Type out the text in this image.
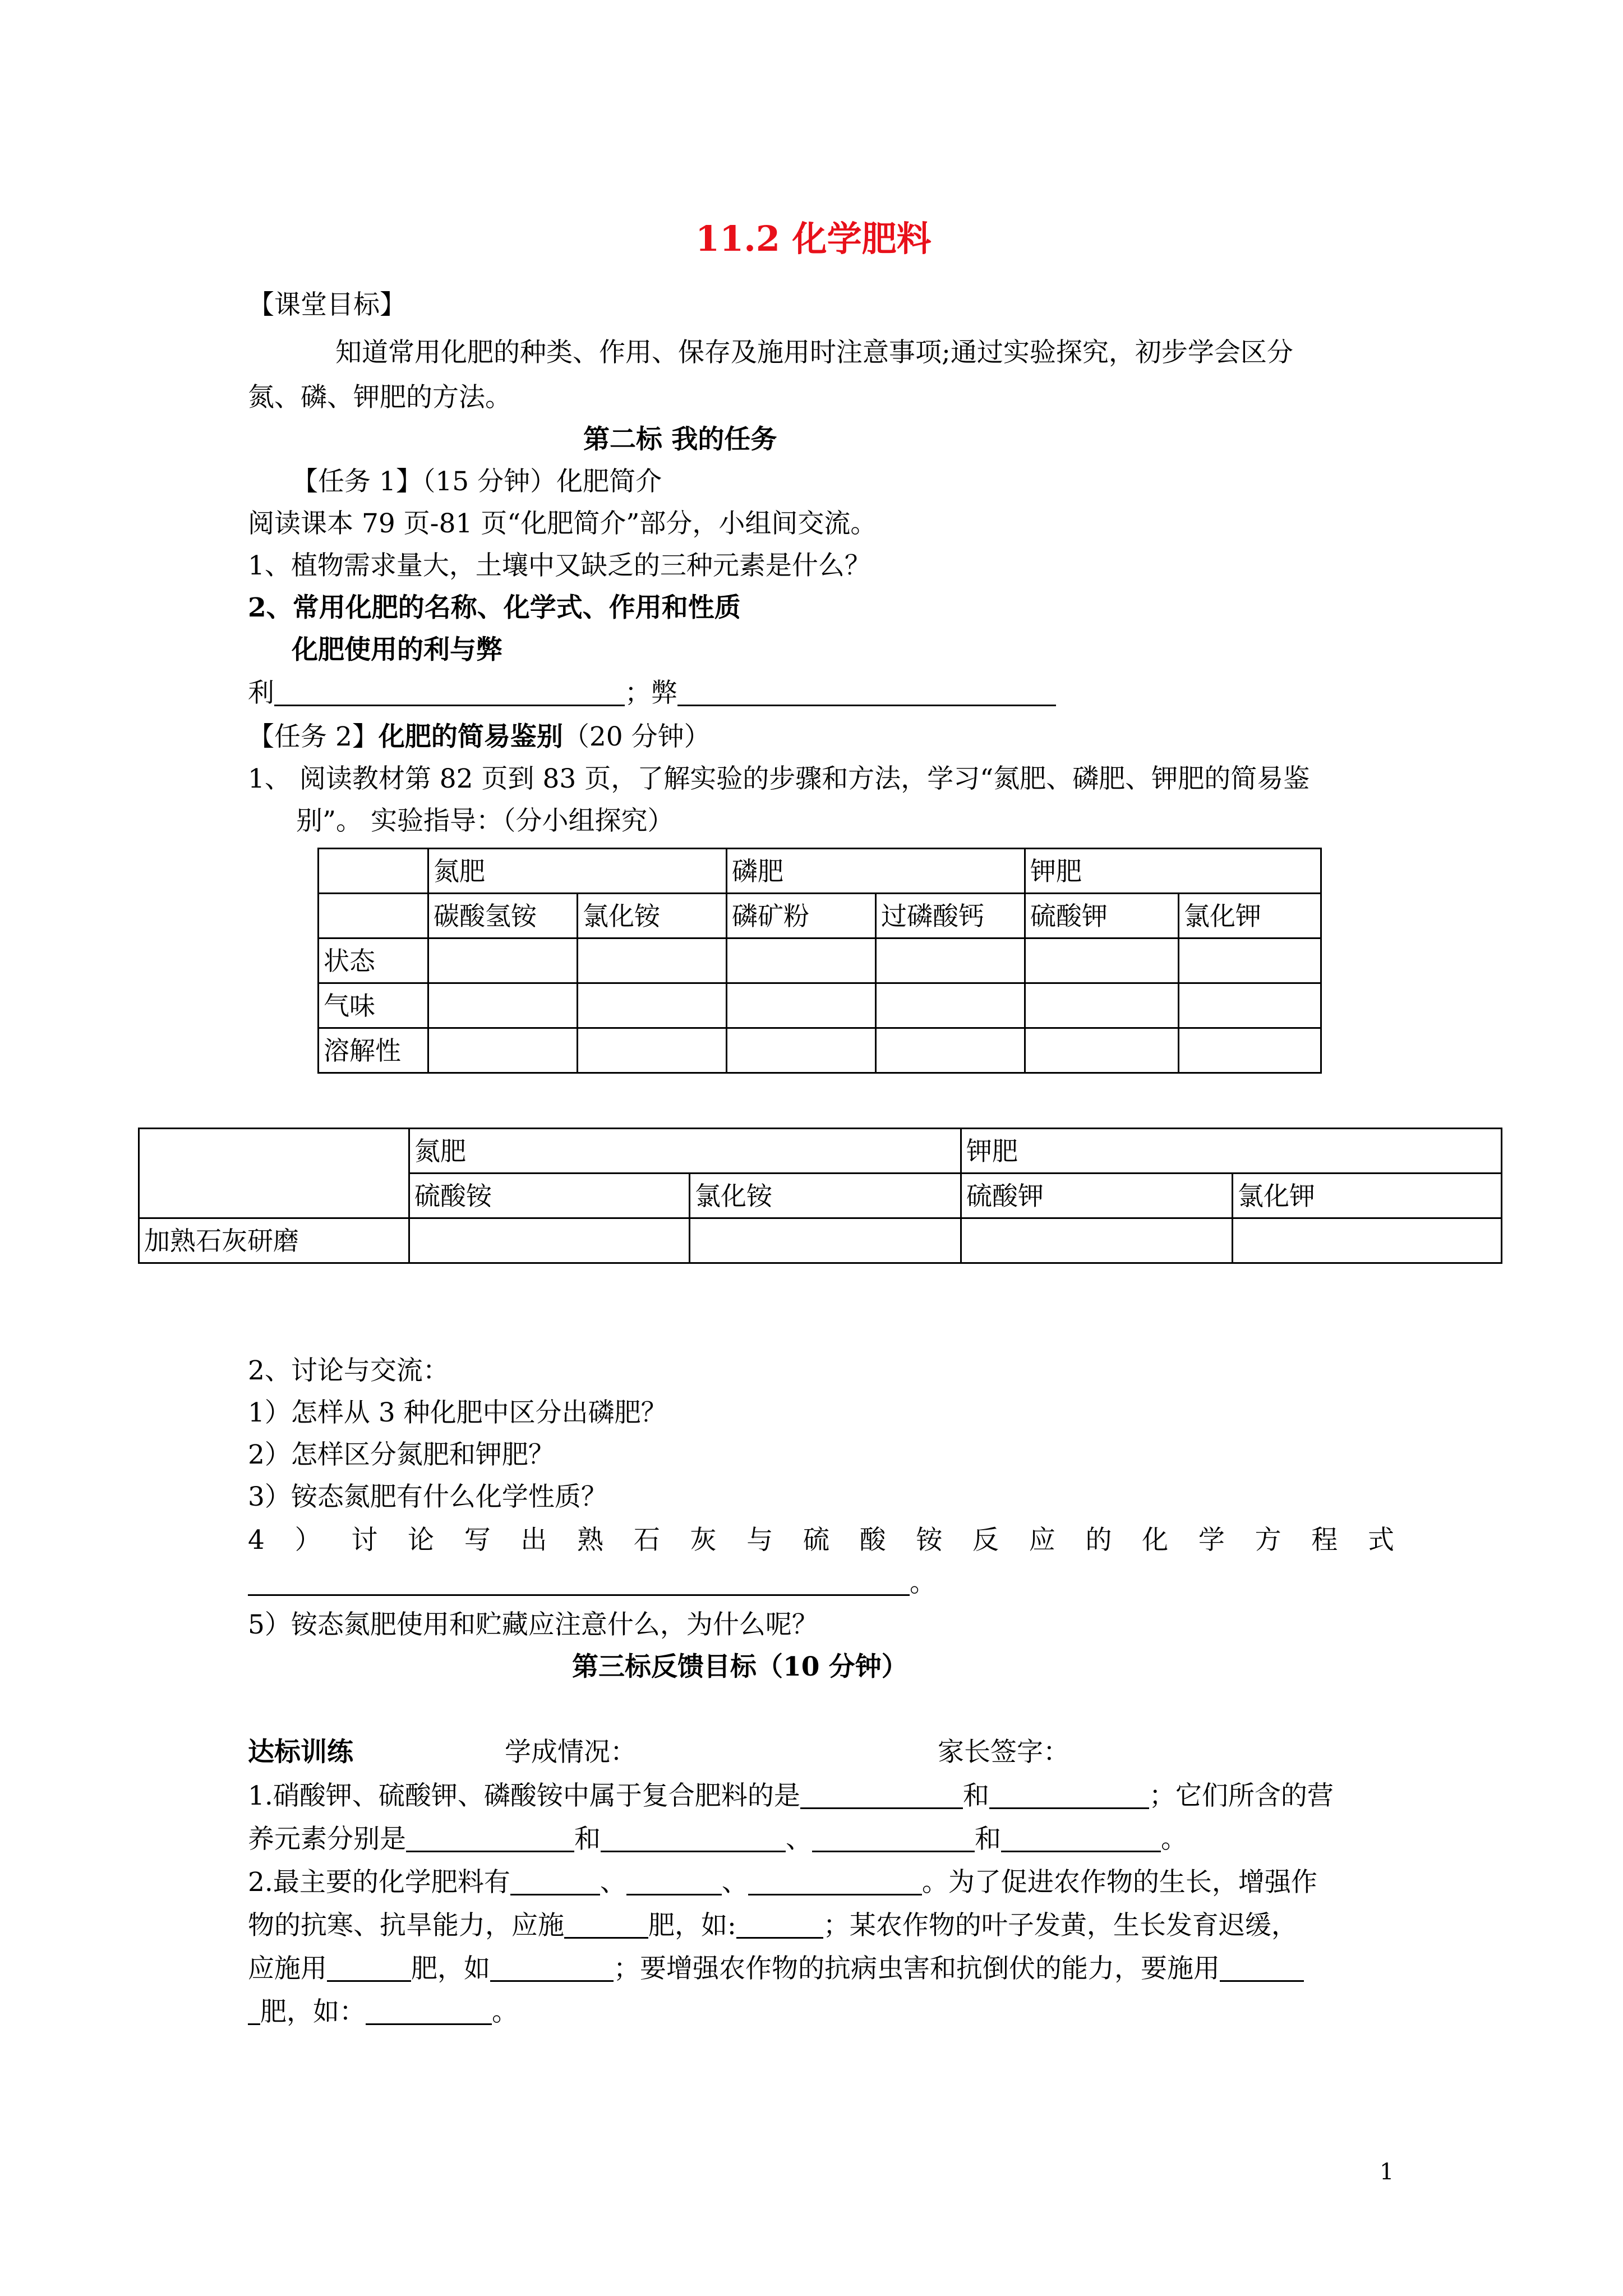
11.2 化学肥料
【课堂目标】
知道常用化肥的种类、作用、保存及施用时注意事项;通过实验探究，初步学会区分
氮、磷、钾肥的方法。
第二标 我的任务
【任务 1】（15 分钟）化肥简介
阅读课本 79 页-81 页“化肥简介”部分，小组间交流。
1、植物需求量大，土壤中又缺乏的三种元素是什么？
2、常用化肥的名称、化学式、作用和性质
化肥使用的利与弊
利	；弊
【任务 2】化肥的简易鉴别（20 分钟）
1、 阅读教材第 82 页到 83 页，了解实验的步骤和方法，学习“氮肥、磷肥、钾肥的简易鉴
别”。 实验指导：（分小组探究）
	氮肥		磷肥		钾肥	
	碳酸氢铵	氯化铵	磷矿粉	过磷酸钙	硫酸钾	氯化钾
状态						
气味						
溶解性						
	氮肥		钾肥	
	硫酸铵	氯化铵	硫酸钾	氯化钾
加熟石灰研磨				
2、讨论与交流：
1）怎样从 3 种化肥中区分出磷肥？
2）怎样区分氮肥和钾肥？
3）铵态氮肥有什么化学性质？
4 ） 讨 论 写 出 熟 石 灰 与 硫 酸 铵 反 应 的 化 学 方 程 式
。
5）铵态氮肥使用和贮藏应注意什么，为什么呢？
第三标反馈目标（10 分钟）
达标训练	学成情况：	家长签字：
1.硝酸钾、硫酸钾、磷酸铵中属于复合肥料的是	和	；它们所含的营
养元素分别是	和	、	和	。
2.最主要的化学肥料有	、	、	。为了促进农作物的生长，增强作
物的抗寒、抗旱能力，应施	肥，如:	；某农作物的叶子发黄，生长发育迟缓，
应施用	肥，如	；要增强农作物的抗病虫害和抗倒伏的能力，要施用
肥，如：	。
1
